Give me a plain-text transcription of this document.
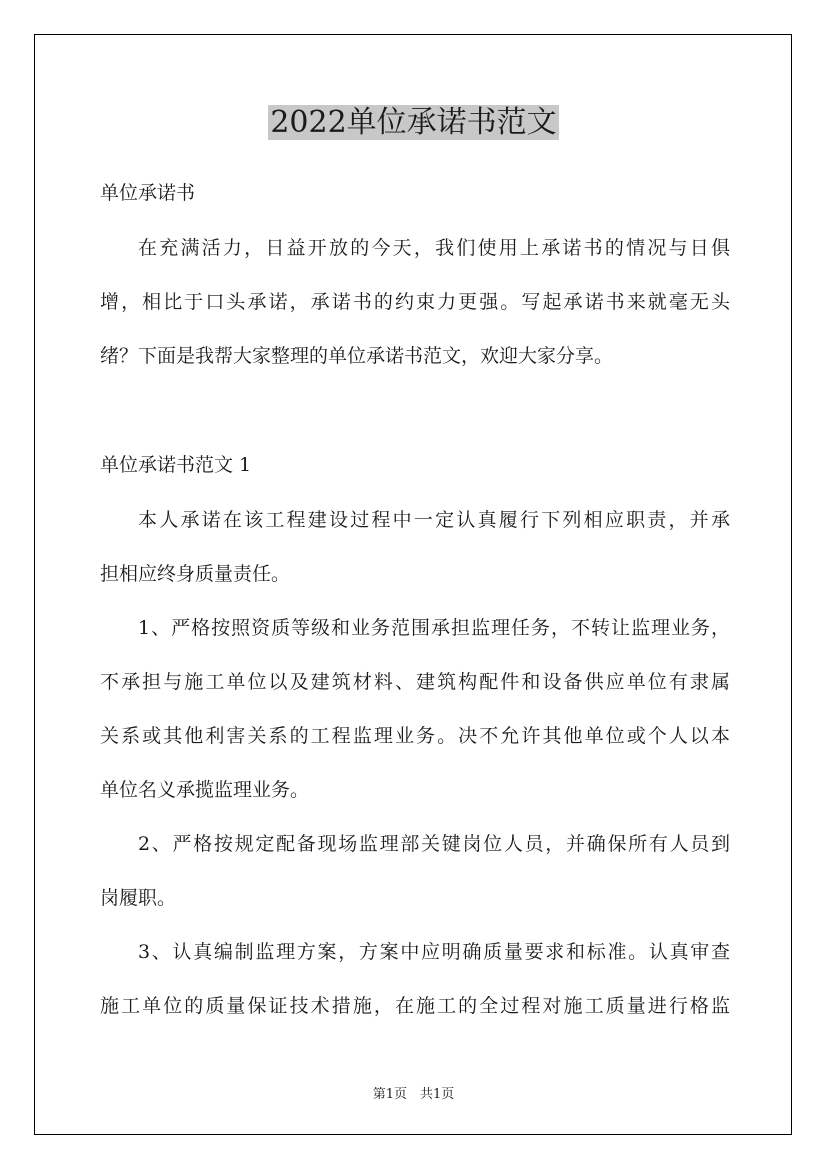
2022单位承诺书范文
单位承诺书
在充满活力，日益开放的今天，我们使用上承诺书的情况与日俱
增，相比于口头承诺，承诺书的约束力更强。写起承诺书来就毫无头
绪？下面是我帮大家整理的单位承诺书范文，欢迎大家分享。
单位承诺书范文 1
本人承诺在该工程建设过程中一定认真履行下列相应职责，并承
担相应终身质量责任。
1、严格按照资质等级和业务范围承担监理任务，不转让监理业务，
不承担与施工单位以及建筑材料、建筑构配件和设备供应单位有隶属
关系或其他利害关系的工程监理业务。决不允许其他单位或个人以本
单位名义承揽监理业务。
2、严格按规定配备现场监理部关键岗位人员，并确保所有人员到
岗履职。
3、认真编制监理方案，方案中应明确质量要求和标准。认真审查
施工单位的质量保证技术措施，在施工的全过程对施工质量进行格监
第1页　共1页
